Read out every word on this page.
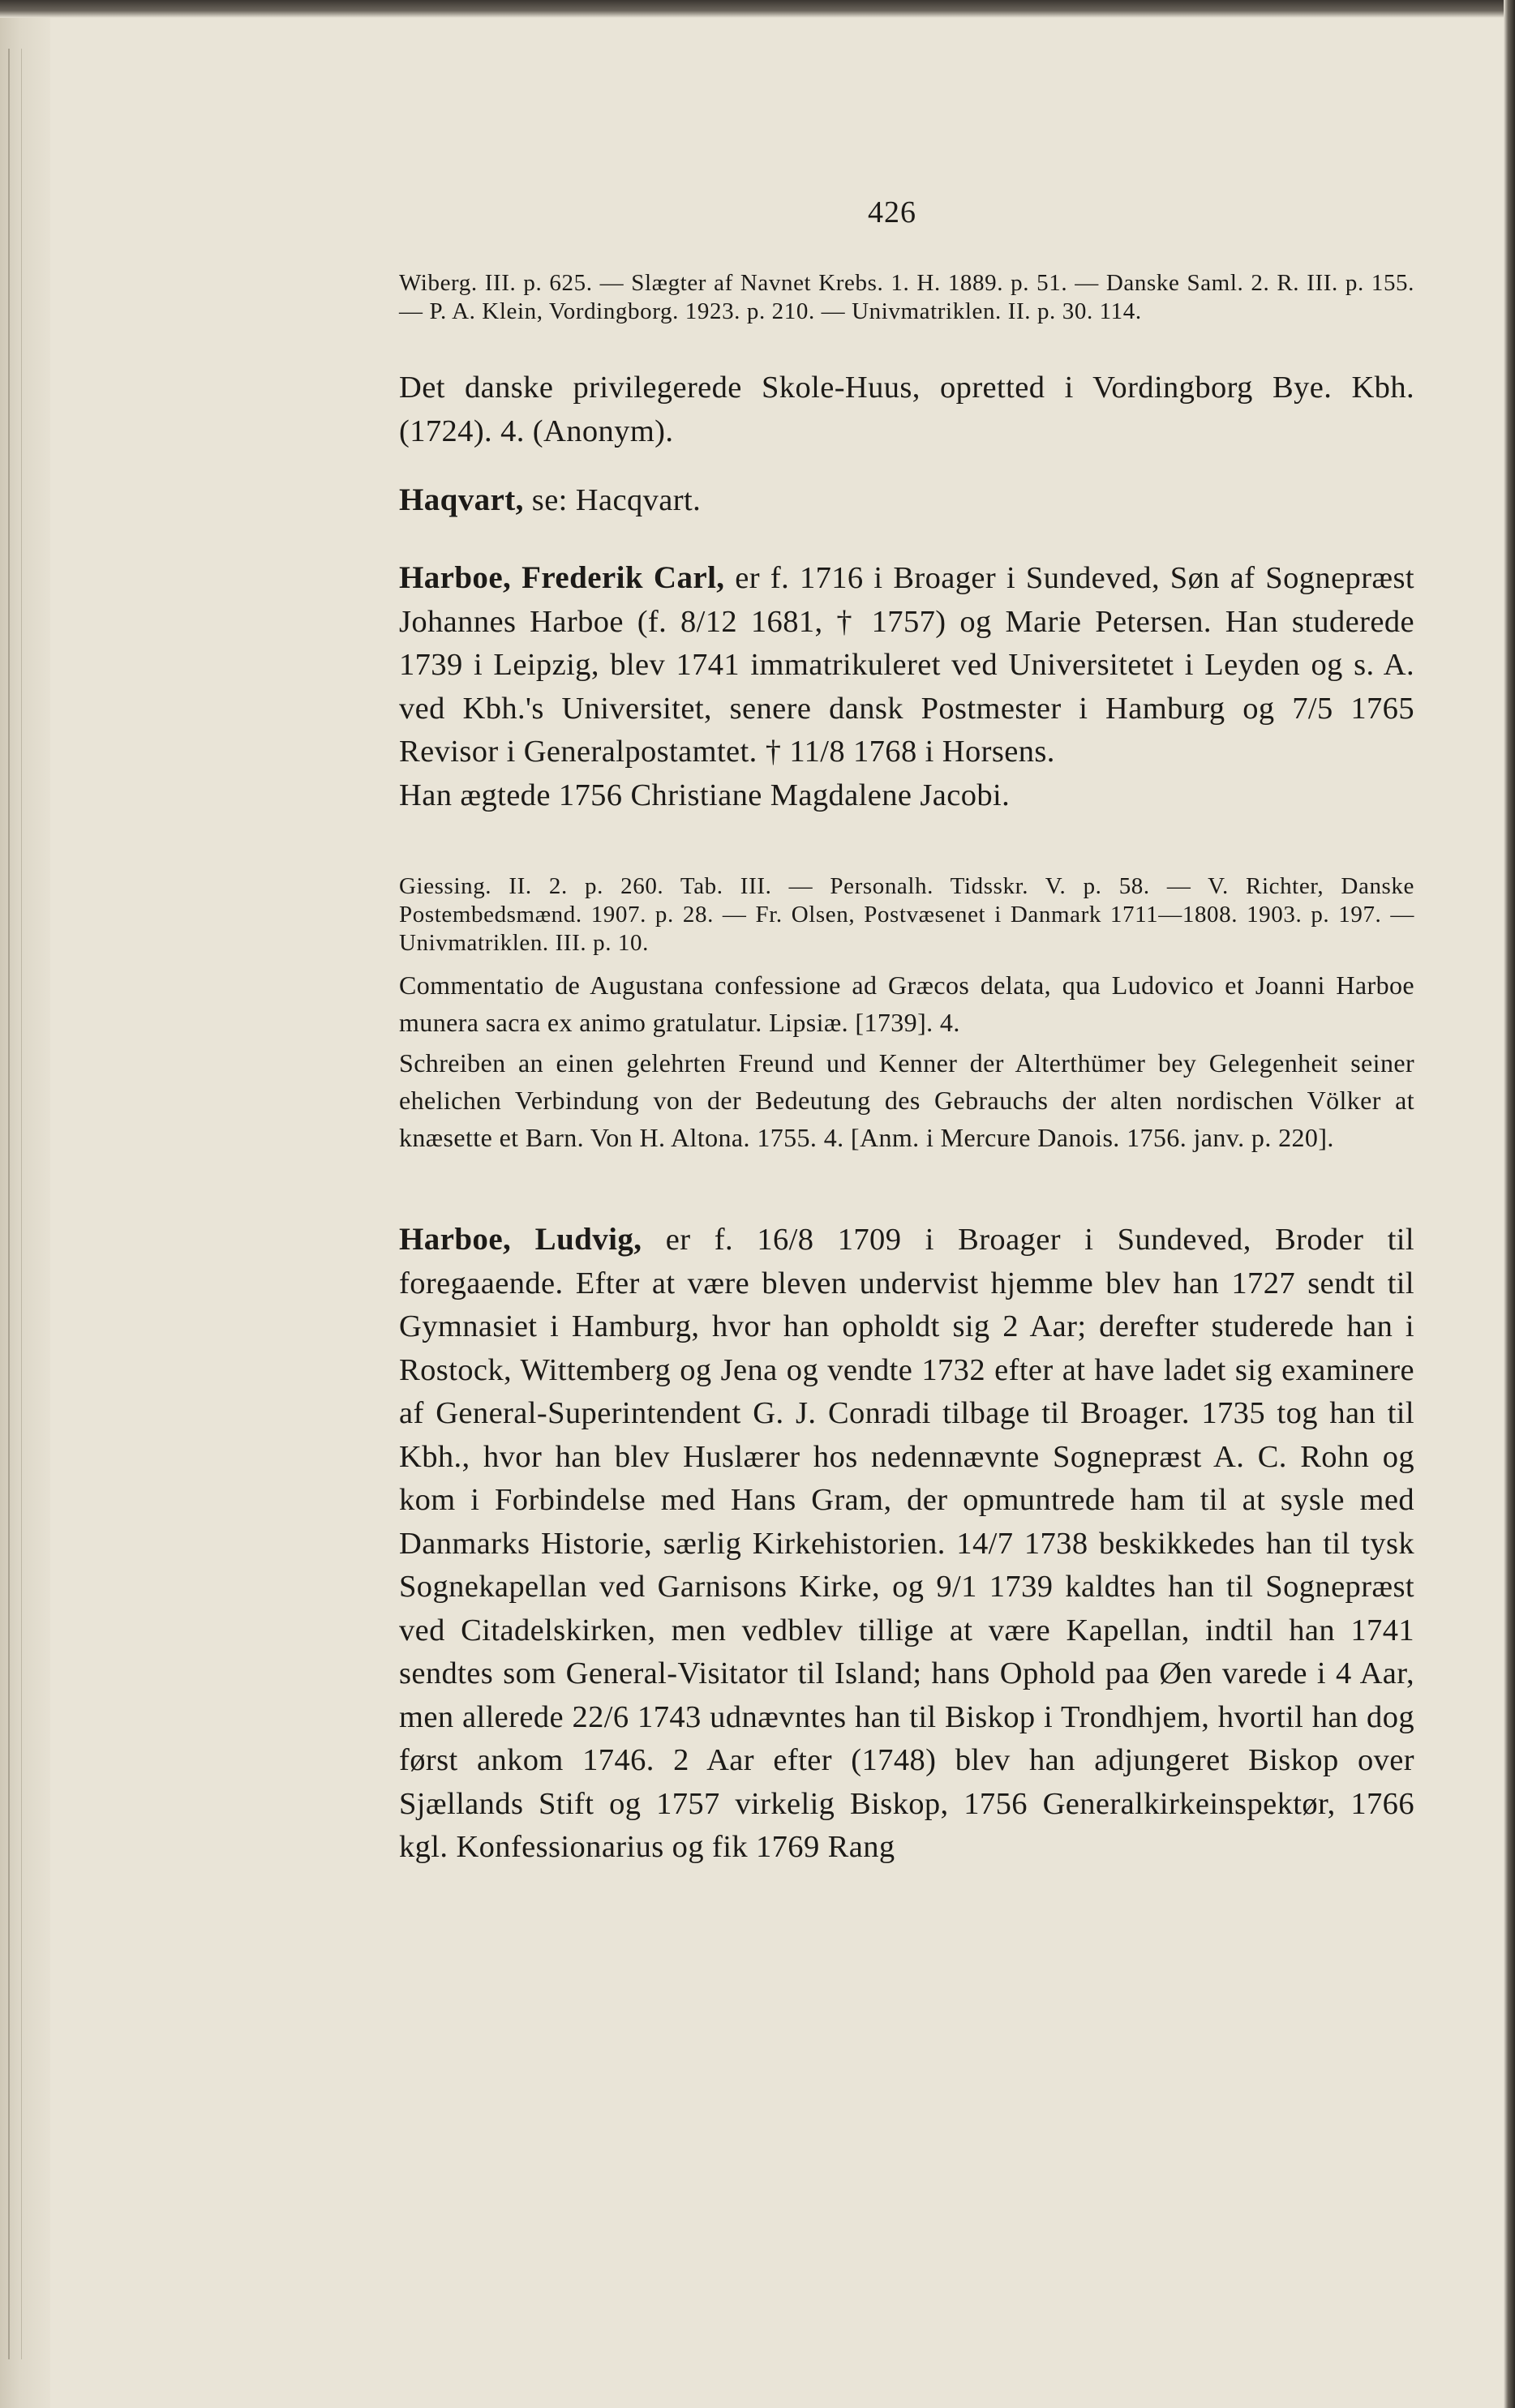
426

Wiberg. III. p. 625. — Slægter af Navnet Krebs. 1. H. 1889. p. 51. — Danske Saml. 2. R. III. p. 155. — P. A. Klein, Vordingborg. 1923. p. 210. — Univmatriklen. II. p. 30. 114.

Det danske privilegerede Skole-Huus, opretted i Vordingborg Bye. Kbh. (1724). 4. (Anonym).

Haqvart, se: Hacqvart.

Harboe, Frederik Carl, er f. 1716 i Broager i Sundeved, Søn af Sognepræst Johannes Harboe (f. 8/12 1681, † 1757) og Marie Petersen. Han studerede 1739 i Leipzig, blev 1741 immatrikuleret ved Universitetet i Leyden og s. A. ved Kbh.'s Universitet, senere dansk Postmester i Hamburg og 7/5 1765 Revisor i Generalpostamtet. † 11/8 1768 i Horsens.

Han ægtede 1756 Christiane Magdalene Jacobi.

Giessing. II. 2. p. 260. Tab. III. — Personalh. Tidsskr. V. p. 58. — V. Richter, Danske Postembedsmænd. 1907. p. 28. — Fr. Olsen, Postvæsenet i Danmark 1711—1808. 1903. p. 197. — Univmatriklen. III. p. 10.

Commentatio de Augustana confessione ad Græcos delata, qua Ludovico et Joanni Harboe munera sacra ex animo gratulatur. Lipsiæ. [1739]. 4.

Schreiben an einen gelehrten Freund und Kenner der Alterthümer bey Gelegenheit seiner ehelichen Verbindung von der Bedeutung des Gebrauchs der alten nordischen Völker at knæsette et Barn. Von H. Altona. 1755. 4. [Anm. i Mercure Danois. 1756. janv. p. 220].

Harboe, Ludvig, er f. 16/8 1709 i Broager i Sundeved, Broder til foregaaende. Efter at være bleven undervist hjemme blev han 1727 sendt til Gymnasiet i Hamburg, hvor han opholdt sig 2 Aar; derefter studerede han i Rostock, Wittemberg og Jena og vendte 1732 efter at have ladet sig examinere af General-Superintendent G. J. Conradi tilbage til Broager. 1735 tog han til Kbh., hvor han blev Huslærer hos nedennævnte Sognepræst A. C. Rohn og kom i Forbindelse med Hans Gram, der opmuntrede ham til at sysle med Danmarks Historie, særlig Kirkehistorien. 14/7 1738 beskikkedes han til tysk Sognekapellan ved Garnisons Kirke, og 9/1 1739 kaldtes han til Sognepræst ved Citadelskirken, men vedblev tillige at være Kapellan, indtil han 1741 sendtes som General-Visitator til Island; hans Ophold paa Øen varede i 4 Aar, men allerede 22/6 1743 udnævntes han til Biskop i Trondhjem, hvortil han dog først ankom 1746. 2 Aar efter (1748) blev han adjungeret Biskop over Sjællands Stift og 1757 virkelig Biskop, 1756 Generalkirkeinspektør, 1766 kgl. Konfessionarius og fik 1769 Rang
